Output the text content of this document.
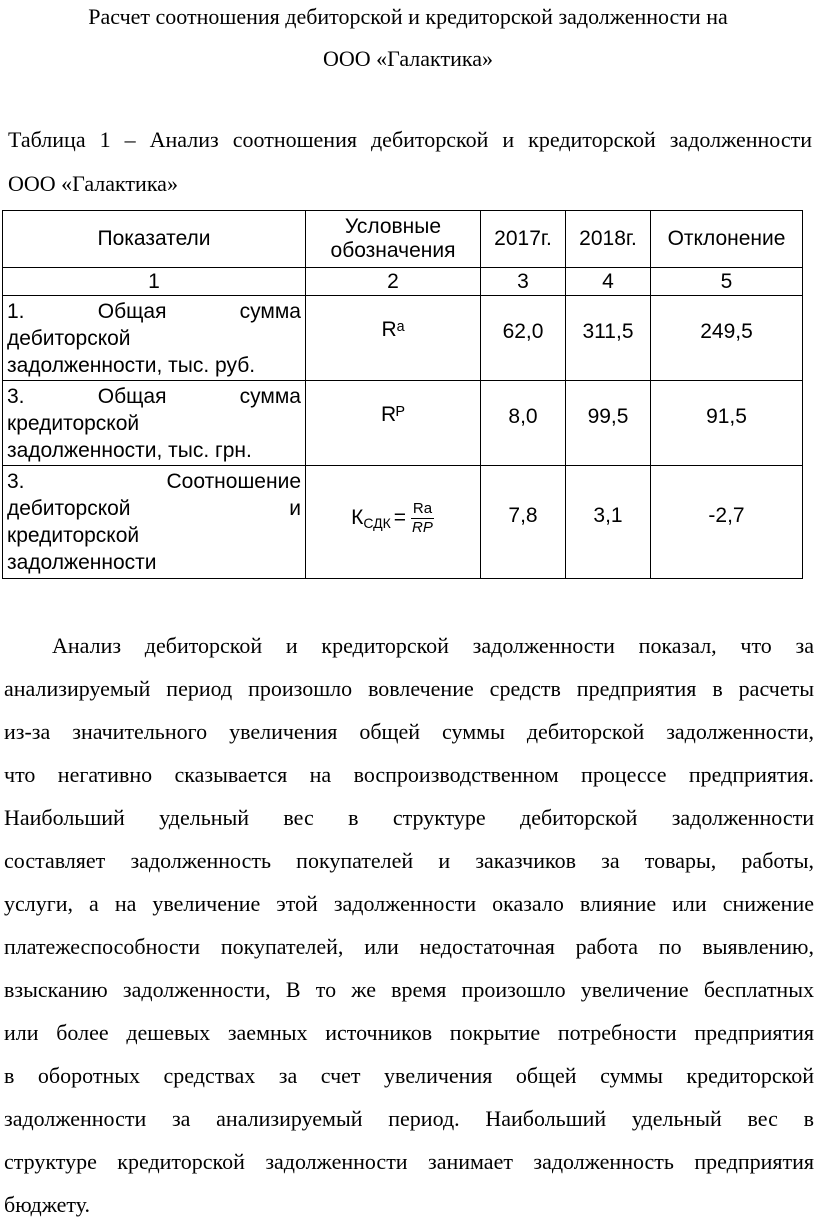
Расчет соотношения дебиторской и кредиторской задолженности на
ООО «Галактика»
Таблица 1 – Анализ соотношения дебиторской и кредиторской задолженности
ООО «Галактика»
Показатели	Условные обозначения	2017г.	2018г.	Отклонение
1	2	3	4	5

1. Общая сумма
дебиторской
задолженности, тыс. руб.	Rᵃ	62,0	311,5	249,5

3. Общая сумма
кредиторской
задолженности, тыс. грн.	Rᴾ	8,0	99,5	91,5

3. Соотношение
дебиторской и
кредиторской
задолженности	К СДК = $\frac{Ra}{RP}$	7,8	3,1	-2,7
Анализ дебиторской и кредиторской задолженности показал, что за
анализируемый период произошло вовлечение средств предприятия в расчеты
из-за значительного увеличения общей суммы дебиторской задолженности,
что негативно сказывается на воспроизводственном процессе предприятия.
Наибольший удельный вес в структуре дебиторской задолженности
составляет задолженность покупателей и заказчиков за товары, работы,
услуги, а на увеличение этой задолженности оказало влияние или снижение
платежеспособности покупателей, или недостаточная работа по выявлению,
взысканию задолженности, В то же время произошло увеличение бесплатных
или более дешевых заемных источников покрытие потребности предприятия
в оборотных средствах за счет увеличения общей суммы кредиторской
задолженности за анализируемый период. Наибольший удельный вес в
структуре кредиторской задолженности занимает задолженность предприятия
бюджету.
